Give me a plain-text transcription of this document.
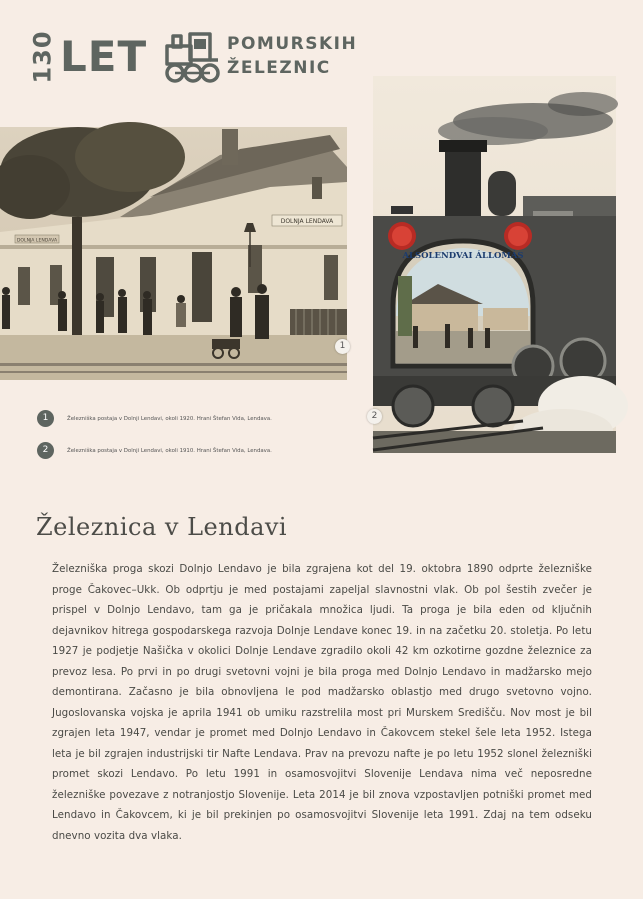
130 LET	POMURSKIH
ŽELEZNIC
DOLNJA LENDAVA
DOLNJA LENDAVA
1
ALSÓLENDVAI ÁLLOMÁS
2
1	Železniška postaja v Dolnji Lendavi, okoli 1920. Hrani Štefan Vida, Lendava.
2	Železniška postaja v Dolnji Lendavi, okoli 1910. Hrani Štefan Vida, Lendava.
Železnica v Lendavi

Železniška proga skozi Dolnjo Lendavo je bila zgrajena kot del 19. oktobra 1890 odprte železniške proge Čakovec–Ukk. Ob odprtju je med postajami zapeljal slavnostni vlak. Ob pol šestih zvečer je prispel v Dolnjo Lendavo, tam ga je pričakala množica ljudi. Ta proga je bila eden od ključnih dejavnikov hitrega gospodarskega razvoja Dolnje Lendave konec 19. in na začetku 20. stoletja. Po letu 1927 je podjetje Našička v okolici Dolnje Lendave zgradilo okoli 42 km ozkotirne gozdne železnice za prevoz lesa. Po prvi in po drugi svetovni vojni je bila proga med Dolnjo Lendavo in madžarsko mejo demontirana. Začasno je bila obnovljena le pod madžarsko oblastjo med drugo svetovno vojno. Jugoslovanska vojska je aprila 1941 ob umiku razstrelila most pri Murskem Središču. Nov most je bil zgrajen leta 1947, vendar je promet med Dolnjo Lendavo in Čakovcem stekel šele leta 1952. Istega leta je bil zgrajen industrijski tir Nafte Lendava. Prav na prevozu nafte je po letu 1952 slonel železniški promet skozi Lendavo. Po letu 1991 in osamosvojitvi Slovenije Lendava nima več neposredne železniške povezave z notranjostjo Slovenije. Leta 2014 je bil znova vzpostavljen potniški promet med Lendavo in Čakovcem, ki je bil prekinjen po osamosvojitvi Slovenije leta 1991. Zdaj na tem odseku dnevno vozita dva vlaka.
